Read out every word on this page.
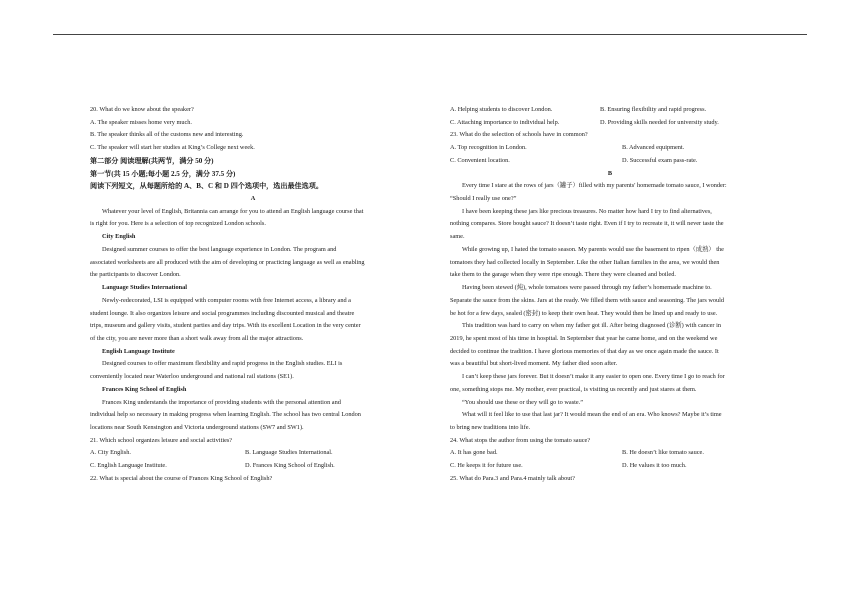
20. What do we know about the speaker?

A. The speaker misses home very much.

B. The speaker thinks all of the customs new and interesting.

C. The speaker will start her studies at King’s College next week.

第二部分 阅读理解(共两节，满分 50 分)

第一节(共 15 小题;每小题 2.5 分，满分 37.5 分)

阅读下列短文，从每题所给的 A、B、C 和 D 四个选项中，选出最佳选项。

A

Whatever your level of English, Britannia can arrange for you to attend an English language course that

is right for you. Here is a selection of top recognized London schools.

City English

Designed summer courses to offer the best language experience in London. The program and

associated worksheets are all produced with the aim of developing or practicing language as well as enabling

the participants to discover London.

Language Studies International

Newly-redecorated, LSI is equipped with computer rooms with free Internet access, a library and a

student lounge. It also organizes leisure and social programmes including discounted musical and theatre

trips, museum and gallery visits, student parties and day trips. With its excellent Location in the very center

of the city, you are never more than a short walk away from all the major attractions.

English Language Institute

Designed courses to offer maximum flexibility and rapid progress in the English studies. ELI is

conveniently located near Waterloo underground and national rail stations (SE1).

Frances King School of English

Frances King understands the importance of providing students with the personal attention and

individual help so necessary in making progress when learning English. The school has two central London

locations near South Kensington and Victoria underground stations (SW7 and SW1).

21. Which school organizes leisure and social activities?

A. City English.	B. Language Studies International.
C. English Language Institute.	D. Frances King School of English.

22. What is special about the course of Frances King School of English?

A. Helping students to discover London.	B. Ensuring flexibility and rapid progress.
C. Attaching importance to individual help.	D. Providing skills needed for university study.

23. What do the selection of schools have in common?

A. Top recognition in London.	B. Advanced equipment.
C. Convenient location.	D. Successful exam pass-rate.

B

Every time I stare at the rows of jars（罐子）filled with my parents' homemade tomato sauce, I wonder:

“Should I really use one?”

I have been keeping these jars like precious treasures. No matter how hard I try to find alternatives,

nothing compares. Store bought sauce? It doesn’t taste right. Even if I try to recreate it, it will never taste the

same.

While growing up, I hated the tomato season. My parents would use the basement to ripen（成熟） the

tomatoes they had collected locally in September. Like the other Italian families in the area, we would then

take them to the garage when they were ripe enough. There they were cleaned and boiled.

Having been stewed (炖), whole tomatoes were passed through my father’s homemade machine to.

Separate the sauce from the skins. Jars at the ready. We filled them with sauce and seasoning. The jars would

be hot for a few days, sealed (密封) to keep their own heat. They would then be lined up and ready to use.

This tradition was hard to carry on when my father got ill. After being diagnosed (诊断) with cancer in

2019, he spent most of his time in hospital. In September that year he came home, and on the weekend we

decided to continue the tradition. I have glorious memories of that day as we once again made the sauce. It

was a beautiful but short-lived moment. My father died soon after.

I can’t keep these jars forever. But it doesn’t make it any easier to open one. Every time I go to reach for

one, something stops me. My mother, ever practical, is visiting us recently and just stares at them.

“You should use these or they will go to waste.”

What will it feel like to use that last jar? It would mean the end of an era. Who knows? Maybe it’s time

to bring new traditions into life.

24. What stops the author from using the tomato sauce?

A. It has gone bad.	B. He doesn’t like tomato sauce.
C. He keeps it for future use.	D. He values it too much.

25. What do Para.3 and Para.4 mainly talk about?
